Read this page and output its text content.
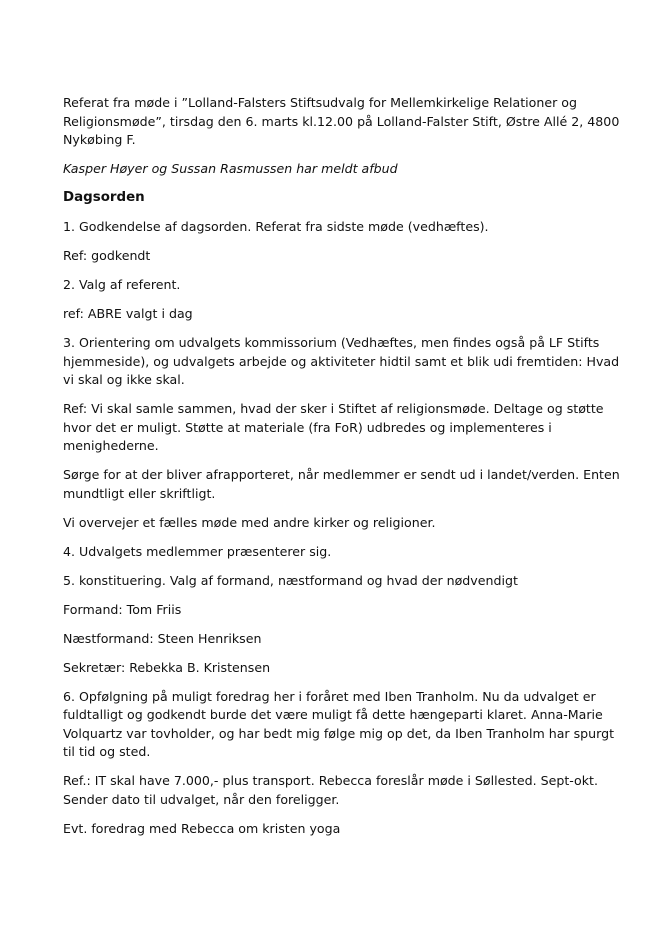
Referat fra møde i ”Lolland-Falsters Stiftsudvalg for Mellemkirkelige Relationer og Religionsmøde”, tirsdag den 6. marts kl.12.00 på Lolland-Falster Stift, Østre Allé 2, 4800 Nykøbing F.

Kasper Høyer og Sussan Rasmussen har meldt afbud

Dagsorden

1. Godkendelse af dagsorden. Referat fra sidste møde (vedhæftes).

Ref: godkendt

2. Valg af referent.

ref: ABRE valgt i dag

3. Orientering om udvalgets kommissorium (Vedhæftes, men findes også på LF Stifts hjemmeside), og udvalgets arbejde og aktiviteter hidtil samt et blik udi fremtiden: Hvad vi skal og ikke skal.

Ref: Vi skal samle sammen, hvad der sker i Stiftet af religionsmøde. Deltage og støtte hvor det er muligt. Støtte at materiale (fra FoR) udbredes og implementeres i menighederne.

Sørge for at der bliver afrapporteret, når medlemmer er sendt ud i landet/verden. Enten mundtligt eller skriftligt.

Vi overvejer et fælles møde med andre kirker og religioner.

4. Udvalgets medlemmer præsenterer sig.

5. konstituering. Valg af formand, næstformand og hvad der nødvendigt

Formand: Tom Friis

Næstformand: Steen Henriksen

Sekretær: Rebekka B. Kristensen

6. Opfølgning på muligt foredrag her i foråret med Iben Tranholm. Nu da udvalget er fuldtalligt og godkendt burde det være muligt få dette hængeparti klaret. Anna-Marie Volquartz var tovholder, og har bedt mig følge mig op det, da Iben Tranholm har spurgt til tid og sted.

Ref.: IT skal have 7.000,- plus transport. Rebecca foreslår møde i Søllested. Sept-okt. Sender dato til udvalget, når den foreligger.

Evt. foredrag med Rebecca om kristen yoga
